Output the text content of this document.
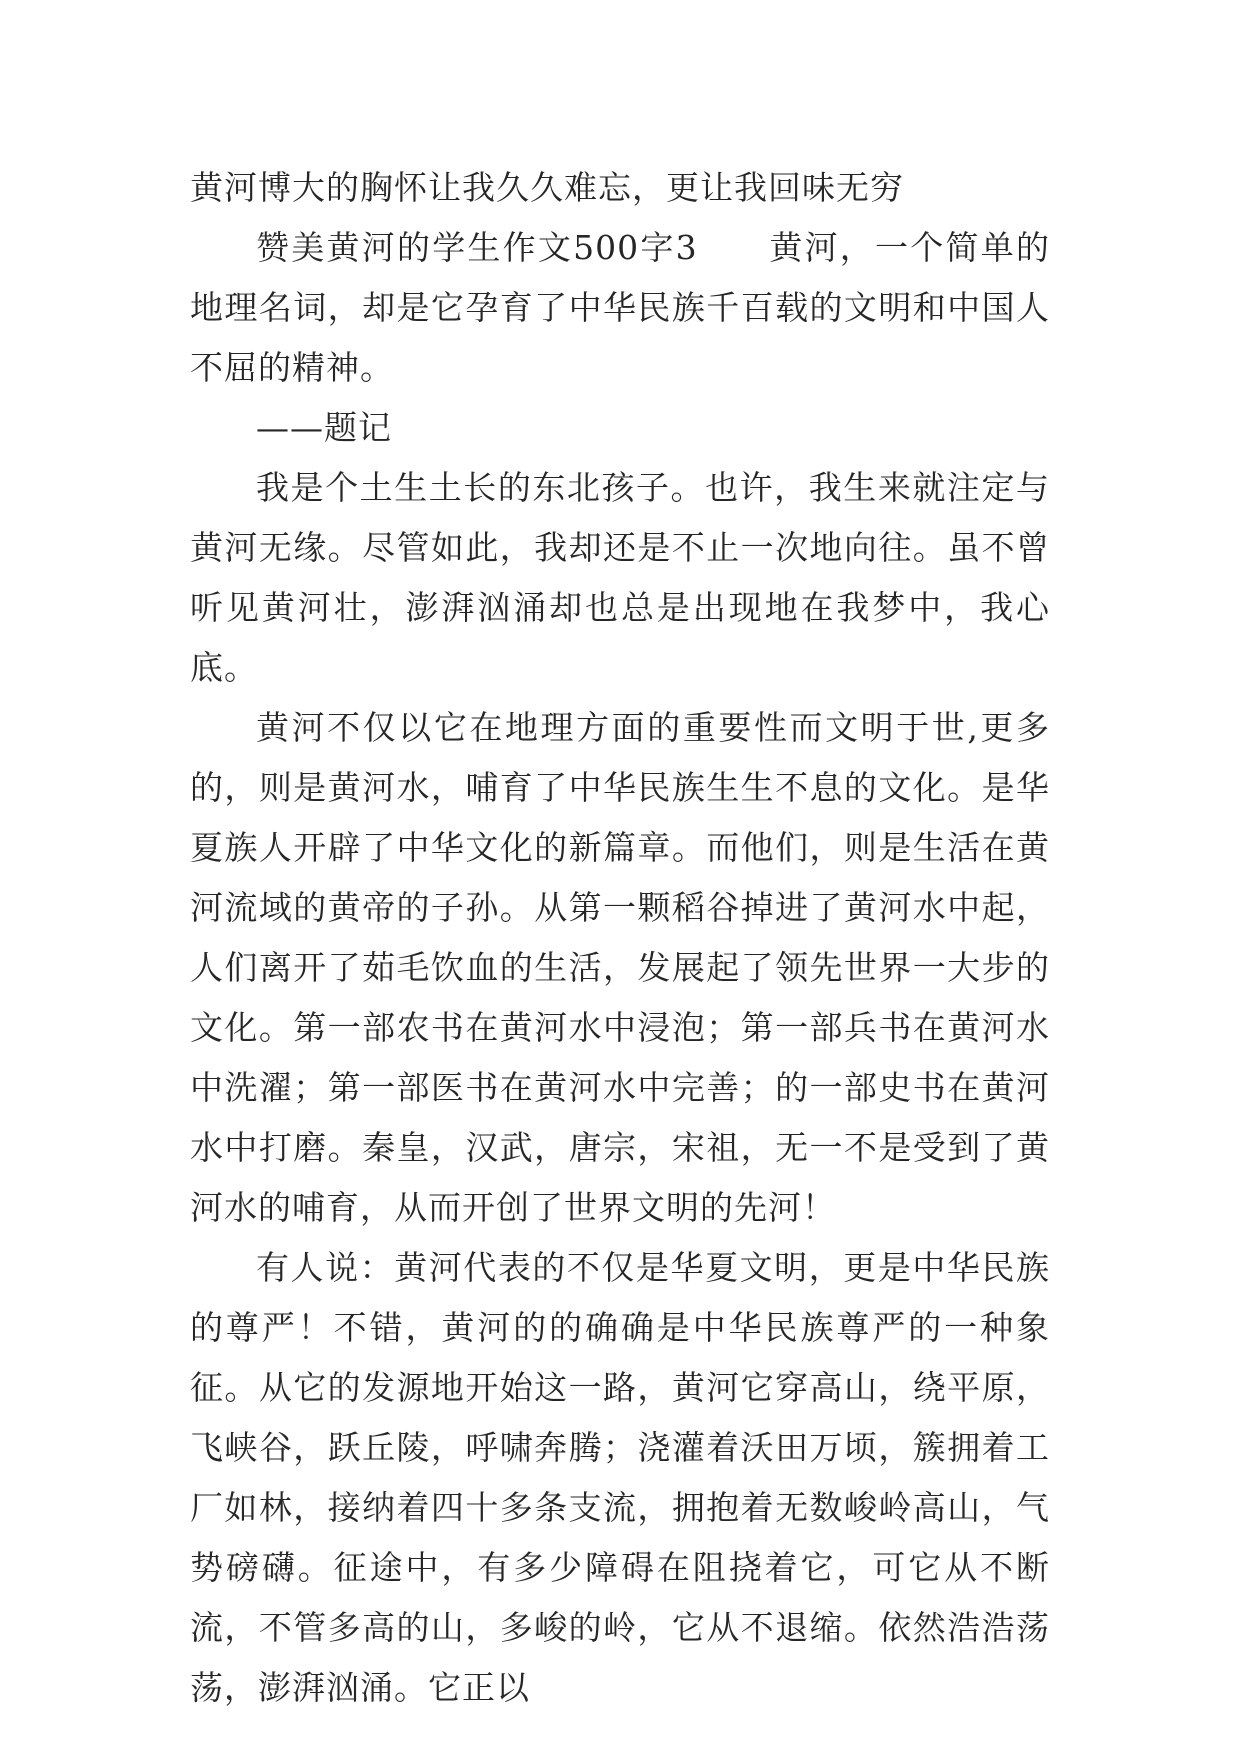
黄河博大的胸怀让我久久难忘，更让我回味无穷

赞美黄河的学生作文500字3　　黄河，一个简单的地理名词，却是它孕育了中华民族千百载的文明和中国人不屈的精神。

——题记

我是个土生土长的东北孩子。也许，我生来就注定与黄河无缘。尽管如此，我却还是不止一次地向往。虽不曾听见黄河壮，澎湃汹涌却也总是出现地在我梦中，我心底。

黄河不仅以它在地理方面的重要性而文明于世,更多的，则是黄河水，哺育了中华民族生生不息的文化。是华夏族人开辟了中华文化的新篇章。而他们，则是生活在黄河流域的黄帝的子孙。从第一颗稻谷掉进了黄河水中起，人们离开了茹毛饮血的生活，发展起了领先世界一大步的文化。第一部农书在黄河水中浸泡；第一部兵书在黄河水中洗濯；第一部医书在黄河水中完善；的一部史书在黄河水中打磨。秦皇，汉武，唐宗，宋祖，无一不是受到了黄河水的哺育，从而开创了世界文明的先河！

有人说：黄河代表的不仅是华夏文明，更是中华民族的尊严！不错，黄河的的确确是中华民族尊严的一种象征。从它的发源地开始这一路，黄河它穿高山，绕平原，飞峡谷，跃丘陵，呼啸奔腾；浇灌着沃田万顷，簇拥着工厂如林，接纳着四十多条支流，拥抱着无数峻岭高山，气势磅礴。征途中，有多少障碍在阻挠着它，可它从不断流，不管多高的山，多峻的岭，它从不退缩。依然浩浩荡荡，澎湃汹涌。它正以
